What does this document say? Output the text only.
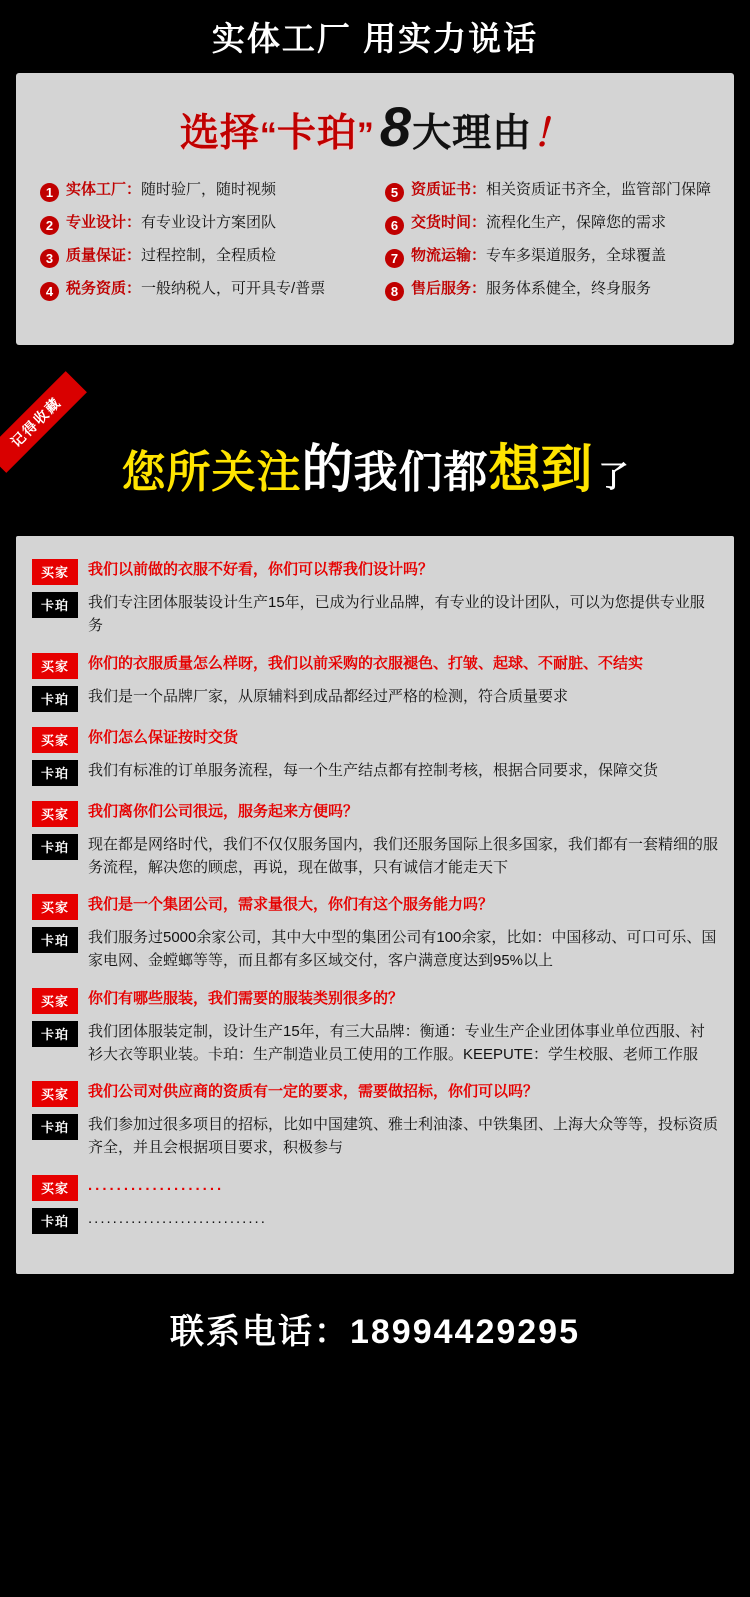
实体工厂 用实力说话
选择“卡珀” 8大理由！
1 实体工厂：随时验厂，随时视频	5 资质证书：相关资质证书齐全，监管部门保障
2 专业设计：有专业设计方案团队	6 交货时间：流程化生产，保障您的需求
3 质量保证：过程控制，全程质检	7 物流运输：专车多渠道服务，全球覆盖
4 税务资质：一般纳税人，可开具专/普票	8 售后服务：服务体系健全，终身服务
记得收藏
您所关注的我们都想到 了
买家	我们以前做的衣服不好看，你们可以帮我们设计吗？
卡珀	我们专注团体服装设计生产15年，已成为行业品牌，有专业的设计团队，可以为您提供专业服务
买家	你们的衣服质量怎么样呀，我们以前采购的衣服褪色、打皱、起球、不耐脏、不结实
卡珀	我们是一个品牌厂家，从原辅料到成品都经过严格的检测，符合质量要求
买家	你们怎么保证按时交货
卡珀	我们有标准的订单服务流程，每一个生产结点都有控制考核，根据合同要求，保障交货
买家	我们离你们公司很远，服务起来方便吗？
卡珀	现在都是网络时代，我们不仅仅服务国内，我们还服务国际上很多国家，我们都有一套精细的服务流程，解决您的顾虑，再说，现在做事，只有诚信才能走天下
买家	我们是一个集团公司，需求量很大，你们有这个服务能力吗？
卡珀	我们服务过5000余家公司，其中大中型的集团公司有100余家，比如：中国移动、可口可乐、国家电网、金螳螂等等，而且都有多区域交付，客户满意度达到95%以上
买家	你们有哪些服装，我们需要的服装类别很多的？
卡珀	我们团体服装定制，设计生产15年，有三大品牌：衡通：专业生产企业团体事业单位西服、衬衫大衣等职业装。卡珀：生产制造业员工使用的工作服。KEEPUTE：学生校服、老师工作服
买家	我们公司对供应商的资质有一定的要求，需要做招标，你们可以吗？
卡珀	我们参加过很多项目的招标，比如中国建筑、雅士利油漆、中铁集团、上海大众等等，投标资质齐全，并且会根据项目要求，积极参与
买家	...................
卡珀	.............................
联系电话：18994429295
